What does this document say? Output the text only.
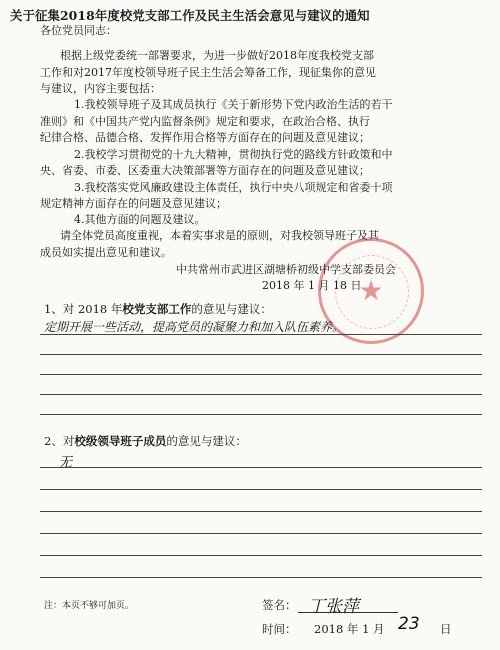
关于征集2018年度校党支部工作及民主生活会意见与建议的通知
各位党员同志：
根据上级党委统一部署要求，为进一步做好2018年度我校党支部
工作和对2017年度校领导班子民主生活会筹备工作，现征集你的意见
与建议，内容主要包括：
1.我校领导班子及其成员执行《关于新形势下党内政治生活的若干
准则》和《中国共产党内监督条例》规定和要求，在政治合格、执行
纪律合格、品德合格、发挥作用合格等方面存在的问题及意见建议；
2.我校学习贯彻党的十九大精神，贯彻执行党的路线方针政策和中
央、省委、市委、区委重大决策部署等方面存在的问题及意见建议；
3.我校落实党风廉政建设主体责任，执行中央八项规定和省委十项
规定精神方面存在的问题及意见建议；
4.其他方面的问题及建议。
请全体党员高度重视，本着实事求是的原则，对我校领导班子及其
成员如实提出意见和建议。
★
中共常州市武进区湖塘桥初级中学支部委员会
2018 年 1 月 18 日
1、对 2018 年校党支部工作的意见与建议：
定期开展一些活动，提高党员的凝聚力和加入队伍素养。
2、对校级领导班子成员的意见与建议：
无
注：本页不够可加页。	签名： 丁张萍
时间： 2018 年 1 月 23 日
